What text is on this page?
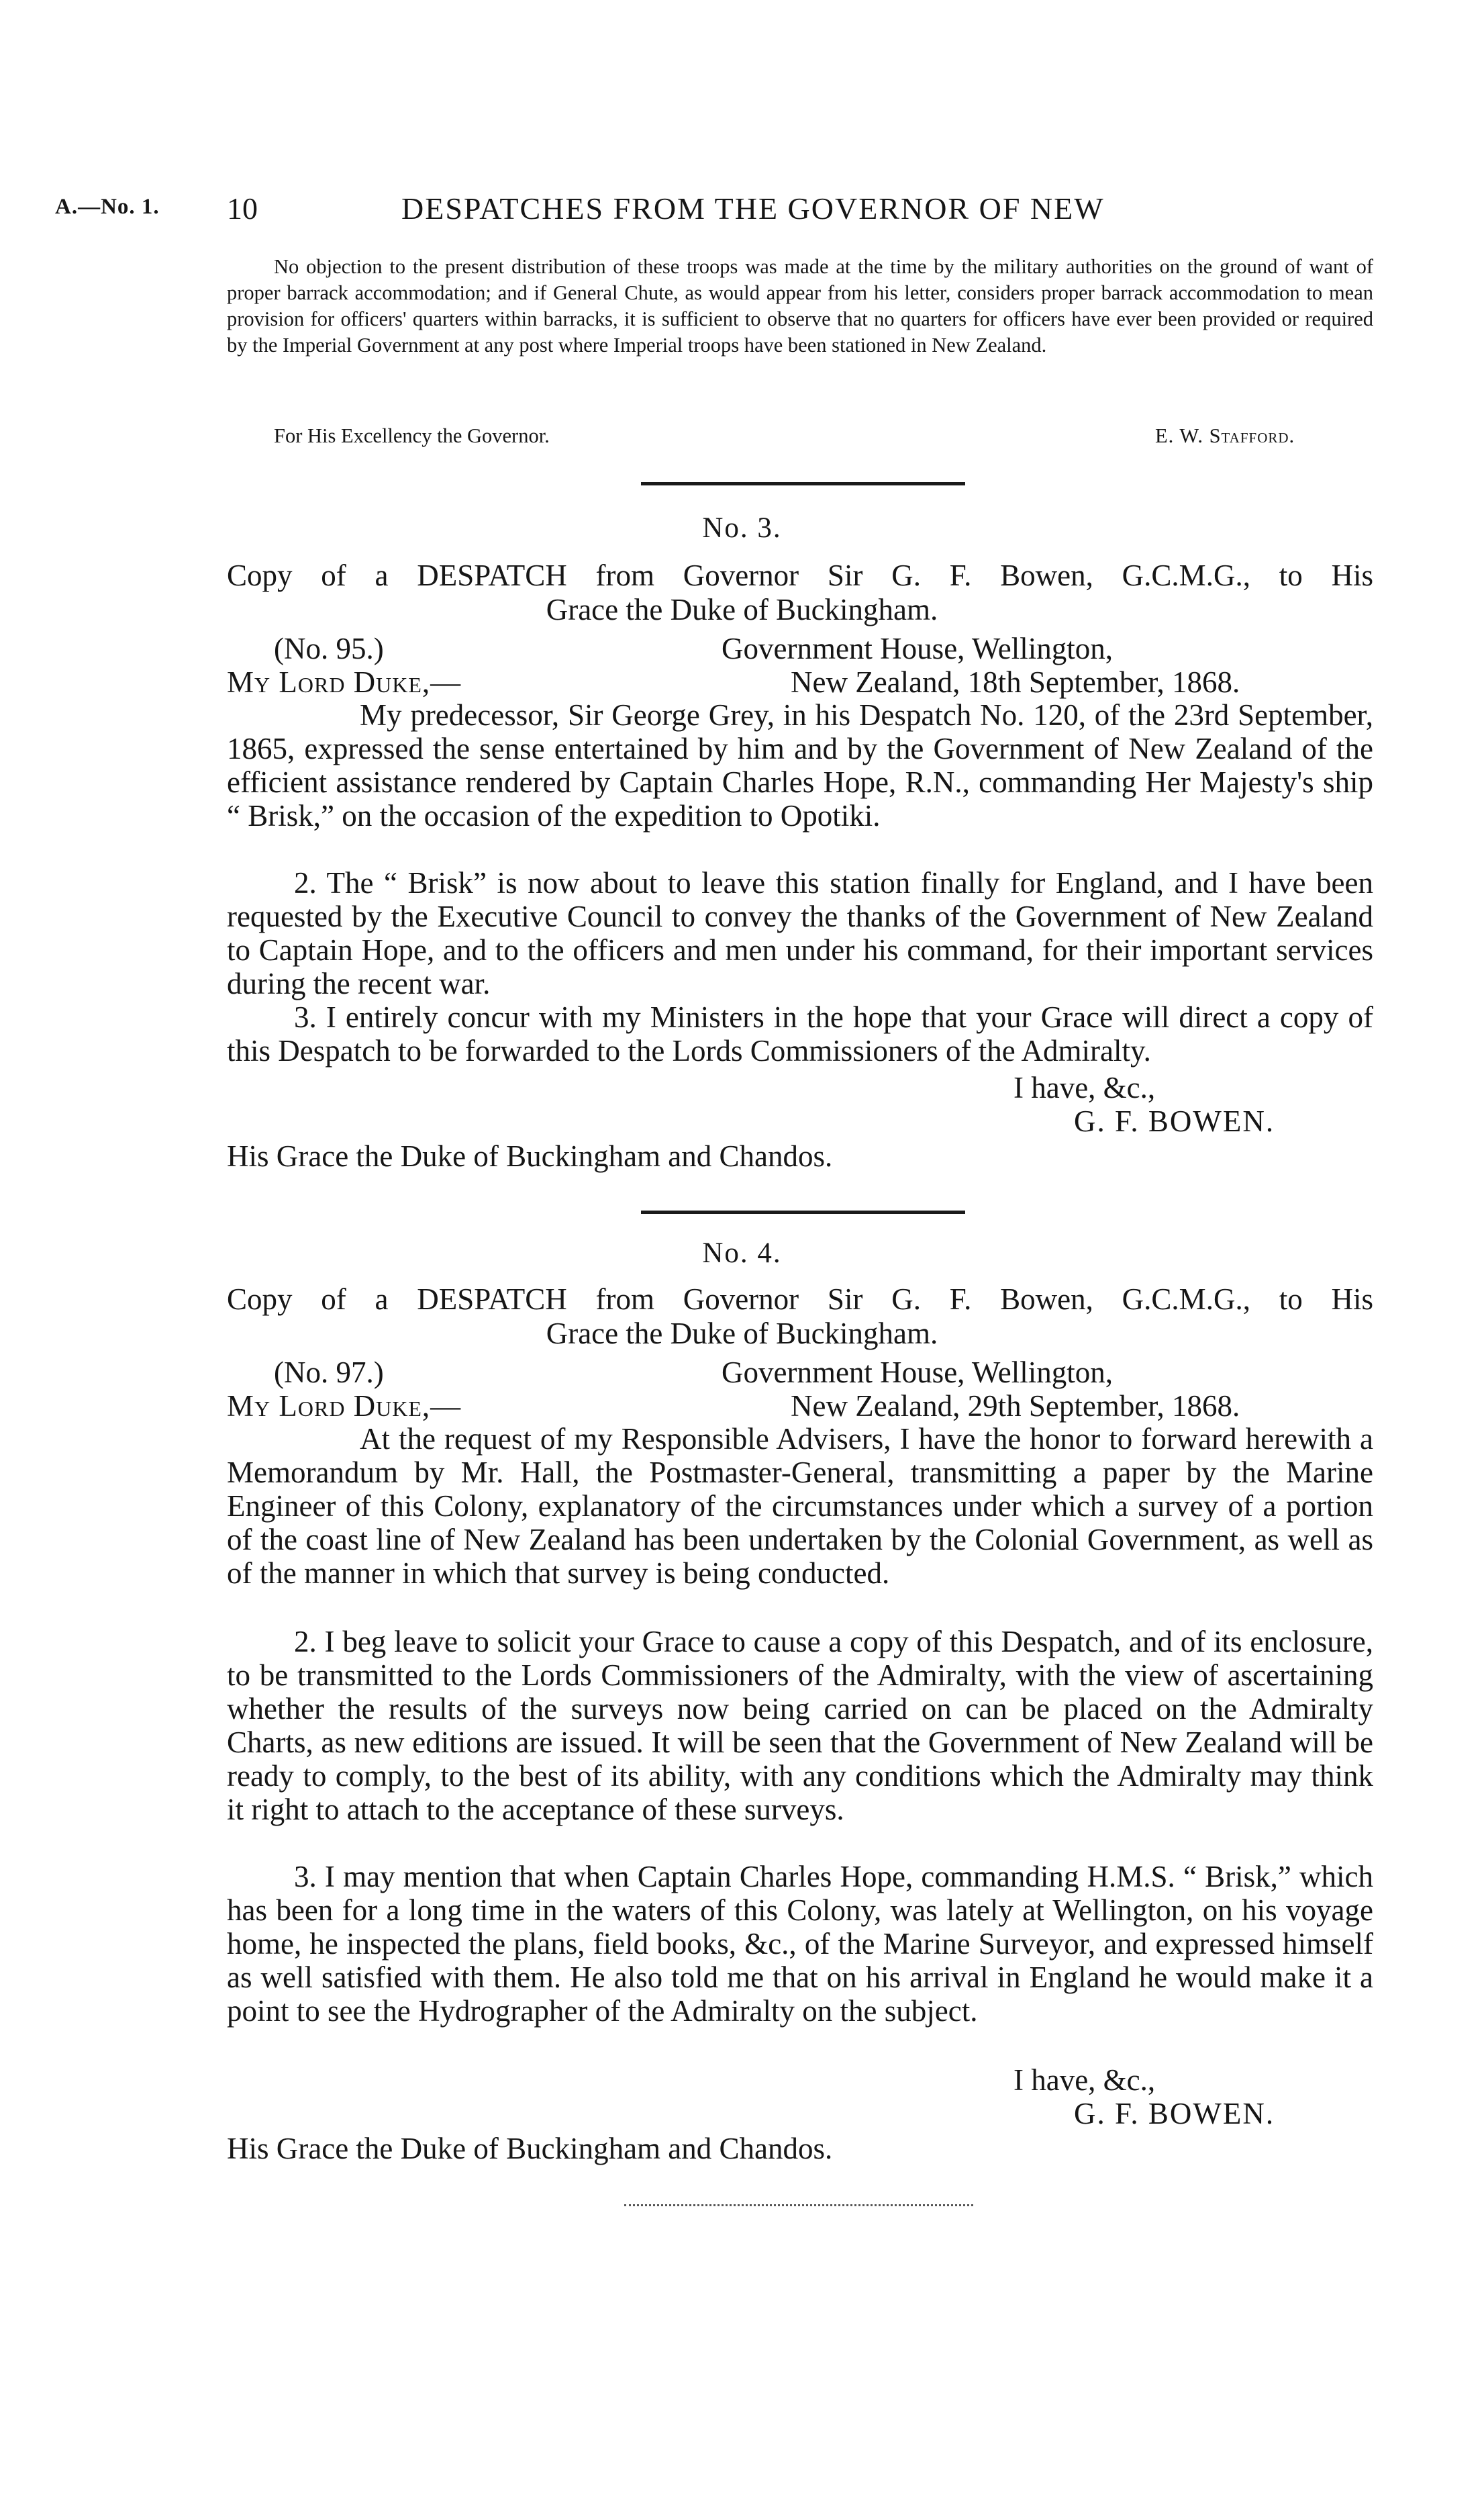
A.—No. 1. 10	DESPATCHES FROM THE GOVERNOR OF NEW

No objection to the present distribution of these troops was made at the time by the military authorities on the ground of want of proper barrack accommodation; and if General Chute, as would appear from his letter, considers proper barrack accommodation to mean provision for officers' quarters within barracks, it is sufficient to observe that no quarters for officers have ever been provided or required by the Imperial Government at any post where Imperial troops have been stationed in New Zealand.

For His Excellency the Governor.	E. W. Stafford.
No. 3.

Copy of a DESPATCH from Governor Sir G. F. Bowen, G.C.M.G., to His

Grace the Duke of Buckingham.
(No. 95.)	Government House, Wellington,
My Lord Duke,—	New Zealand, 18th September, 1868.

My predecessor, Sir George Grey, in his Despatch No. 120, of the 23rd September, 1865, expressed the sense entertained by him and by the Government of New Zealand of the efficient assistance rendered by Captain Charles Hope, R.N., commanding Her Majesty's ship “ Brisk,” on the occasion of the expedition to Opotiki.

2. The “ Brisk” is now about to leave this station finally for England, and I have been requested by the Executive Council to convey the thanks of the Government of New Zealand to Captain Hope, and to the officers and men under his command, for their important services during the recent war.

3. I entirely concur with my Ministers in the hope that your Grace will direct a copy of this Despatch to be forwarded to the Lords Commissioners of the Admiralty.

I have, &c.,
G. F. BOWEN.
His Grace the Duke of Buckingham and Chandos.
No. 4.

Copy of a DESPATCH from Governor Sir G. F. Bowen, G.C.M.G., to His

Grace the Duke of Buckingham.
(No. 97.)	Government House, Wellington,
My Lord Duke,—	New Zealand, 29th September, 1868.

At the request of my Responsible Advisers, I have the honor to forward herewith a Memorandum by Mr. Hall, the Postmaster-General, transmitting a paper by the Marine Engineer of this Colony, explanatory of the circumstances under which a survey of a portion of the coast line of New Zealand has been undertaken by the Colonial Government, as well as of the manner in which that survey is being conducted.

2. I beg leave to solicit your Grace to cause a copy of this Despatch, and of its enclosure, to be transmitted to the Lords Commissioners of the Admiralty, with the view of ascertaining whether the results of the surveys now being carried on can be placed on the Admiralty Charts, as new editions are issued. It will be seen that the Government of New Zealand will be ready to comply, to the best of its ability, with any conditions which the Admiralty may think it right to attach to the acceptance of these surveys.

3. I may mention that when Captain Charles Hope, commanding H.M.S. “ Brisk,” which has been for a long time in the waters of this Colony, was lately at Wellington, on his voyage home, he inspected the plans, field books, &c., of the Marine Surveyor, and expressed himself as well satisfied with them. He also told me that on his arrival in England he would make it a point to see the Hydrographer of the Admiralty on the subject.

I have, &c.,
G. F. BOWEN.
His Grace the Duke of Buckingham and Chandos.
